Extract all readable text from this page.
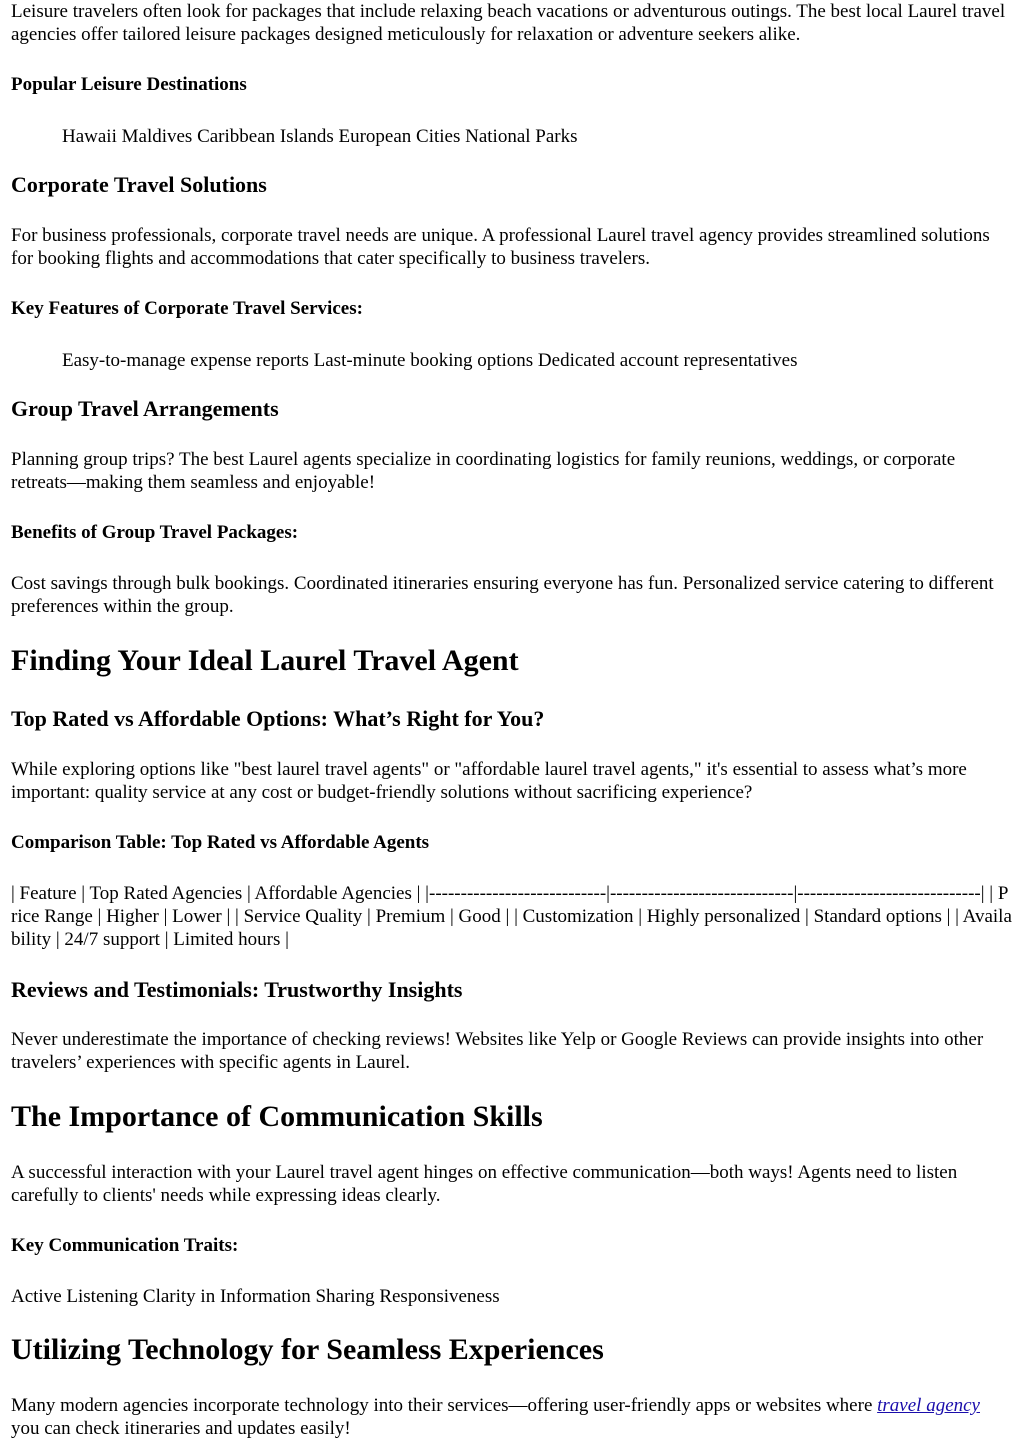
Leisure travelers often look for packages that include relaxing beach vacations or adventurous outings. The best local Laurel travel agencies offer tailored leisure packages designed meticulously for relaxation or adventure seekers alike.

Popular Leisure Destinations

Hawaii Maldives Caribbean Islands European Cities National Parks

Corporate Travel Solutions

For business professionals, corporate travel needs are unique. A professional Laurel travel agency provides streamlined solutions for booking flights and accommodations that cater specifically to business travelers.

Key Features of Corporate Travel Services:

Easy-to-manage expense reports Last-minute booking options Dedicated account representatives

Group Travel Arrangements

Planning group trips? The best Laurel agents specialize in coordinating logistics for family reunions, weddings, or corporate retreats—making them seamless and enjoyable!

Benefits of Group Travel Packages:

Cost savings through bulk bookings. Coordinated itineraries ensuring everyone has fun. Personalized service catering to different preferences within the group.

Finding Your Ideal Laurel Travel Agent
Top Rated vs Affordable Options: What’s Right for You?

While exploring options like "best laurel travel agents" or "affordable laurel travel agents," it's essential to assess what’s more important: quality service at any cost or budget-friendly solutions without sacrificing experience?

Comparison Table: Top Rated vs Affordable Agents

| Feature | Top Rated Agencies | Affordable Agencies | |----------------------------|-----------------------------|-----------------------------| | Price Range | Higher | Lower | | Service Quality | Premium | Good | | Customization | Highly personalized | Standard options | | Availability | 24/7 support | Limited hours |

Reviews and Testimonials: Trustworthy Insights

Never underestimate the importance of checking reviews! Websites like Yelp or Google Reviews can provide insights into other travelers’ experiences with specific agents in Laurel.

The Importance of Communication Skills

A successful interaction with your Laurel travel agent hinges on effective communication—both ways! Agents need to listen carefully to clients' needs while expressing ideas clearly.

Key Communication Traits:

Active Listening Clarity in Information Sharing Responsiveness

Utilizing Technology for Seamless Experiences

Many modern agencies incorporate technology into their services—offering user-friendly apps or websites where travel agency you can check itineraries and updates easily!
